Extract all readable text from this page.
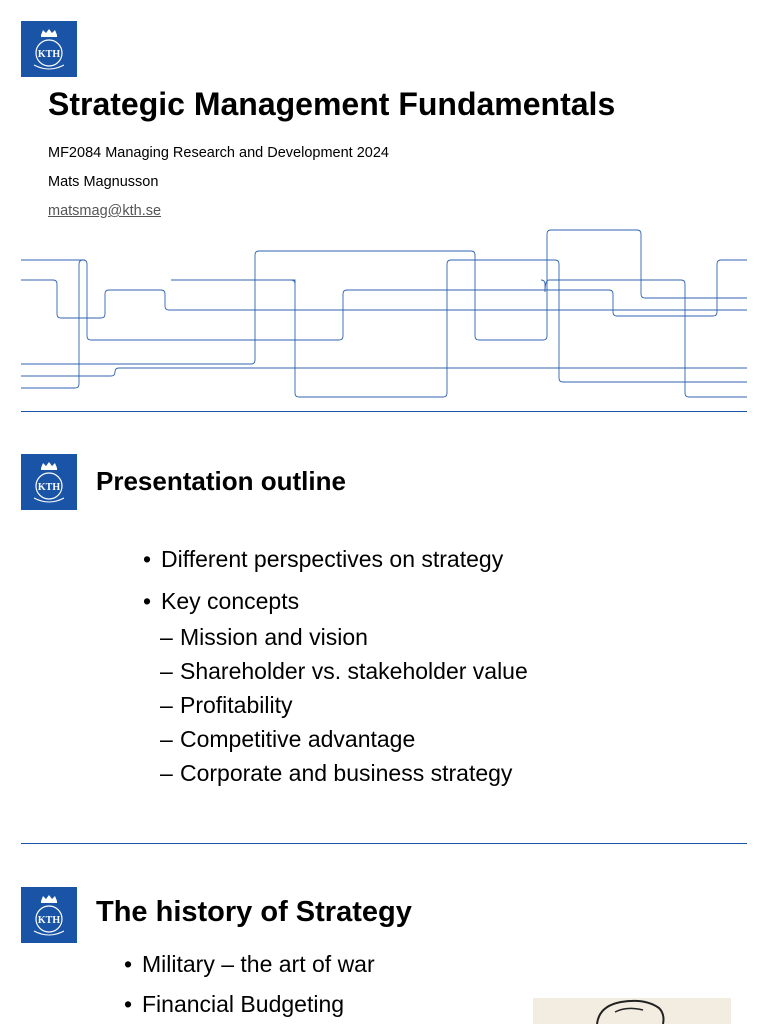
KTH
Strategic Management Fundamentals
MF2084 Managing Research and Development 2024
Mats Magnusson
matsmag@kth.se
KTH Presentation outline
• Different perspectives on strategy
• Key concepts
– Mission and vision
– Shareholder vs. stakeholder value
– Profitability
– Competitive advantage
– Corporate and business strategy
KTH The history of Strategy
• Military – the art of war
• Financial Budgeting
